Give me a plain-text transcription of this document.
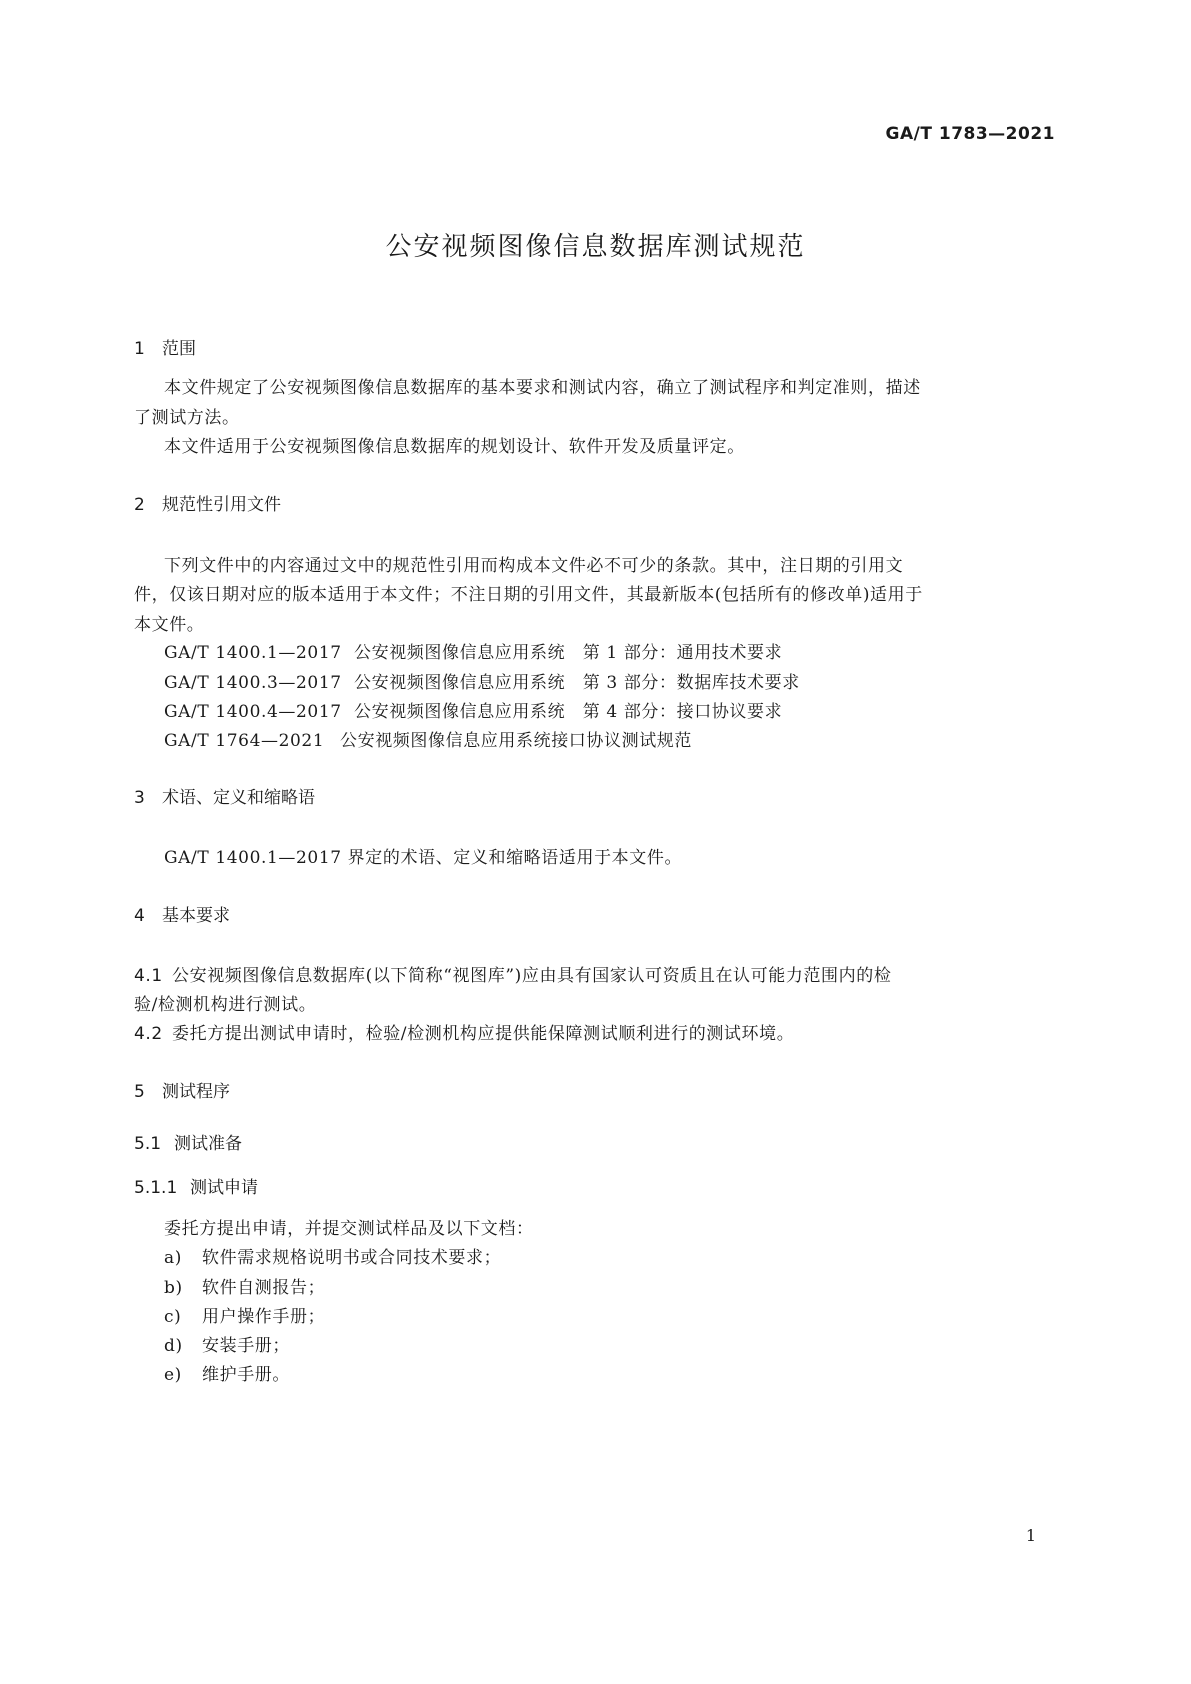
GA/T 1783—2021
公安视频图像信息数据库测试规范
1 范围
本文件规定了公安视频图像信息数据库的基本要求和测试内容，确立了测试程序和判定准则，描述
了测试方法。
本文件适用于公安视频图像信息数据库的规划设计、软件开发及质量评定。
2 规范性引用文件
下列文件中的内容通过文中的规范性引用而构成本文件必不可少的条款。其中，注日期的引用文
件，仅该日期对应的版本适用于本文件；不注日期的引用文件，其最新版本(包括所有的修改单)适用于
本文件。
GA/T 1400.1—2017 公安视频图像信息应用系统　第 1 部分：通用技术要求
GA/T 1400.3—2017 公安视频图像信息应用系统　第 3 部分：数据库技术要求
GA/T 1400.4—2017 公安视频图像信息应用系统　第 4 部分：接口协议要求
GA/T 1764—2021 公安视频图像信息应用系统接口协议测试规范
3 术语、定义和缩略语
GA/T 1400.1—2017 界定的术语、定义和缩略语适用于本文件。
4 基本要求
4.1 公安视频图像信息数据库(以下简称“视图库”)应由具有国家认可资质且在认可能力范围内的检
验/检测机构进行测试。
4.2 委托方提出测试申请时，检验/检测机构应提供能保障测试顺利进行的测试环境。
5 测试程序
5.1 测试准备
5.1.1 测试申请
委托方提出申请，并提交测试样品及以下文档：
a) 软件需求规格说明书或合同技术要求；
b) 软件自测报告；
c) 用户操作手册；
d) 安装手册；
e) 维护手册。
1
